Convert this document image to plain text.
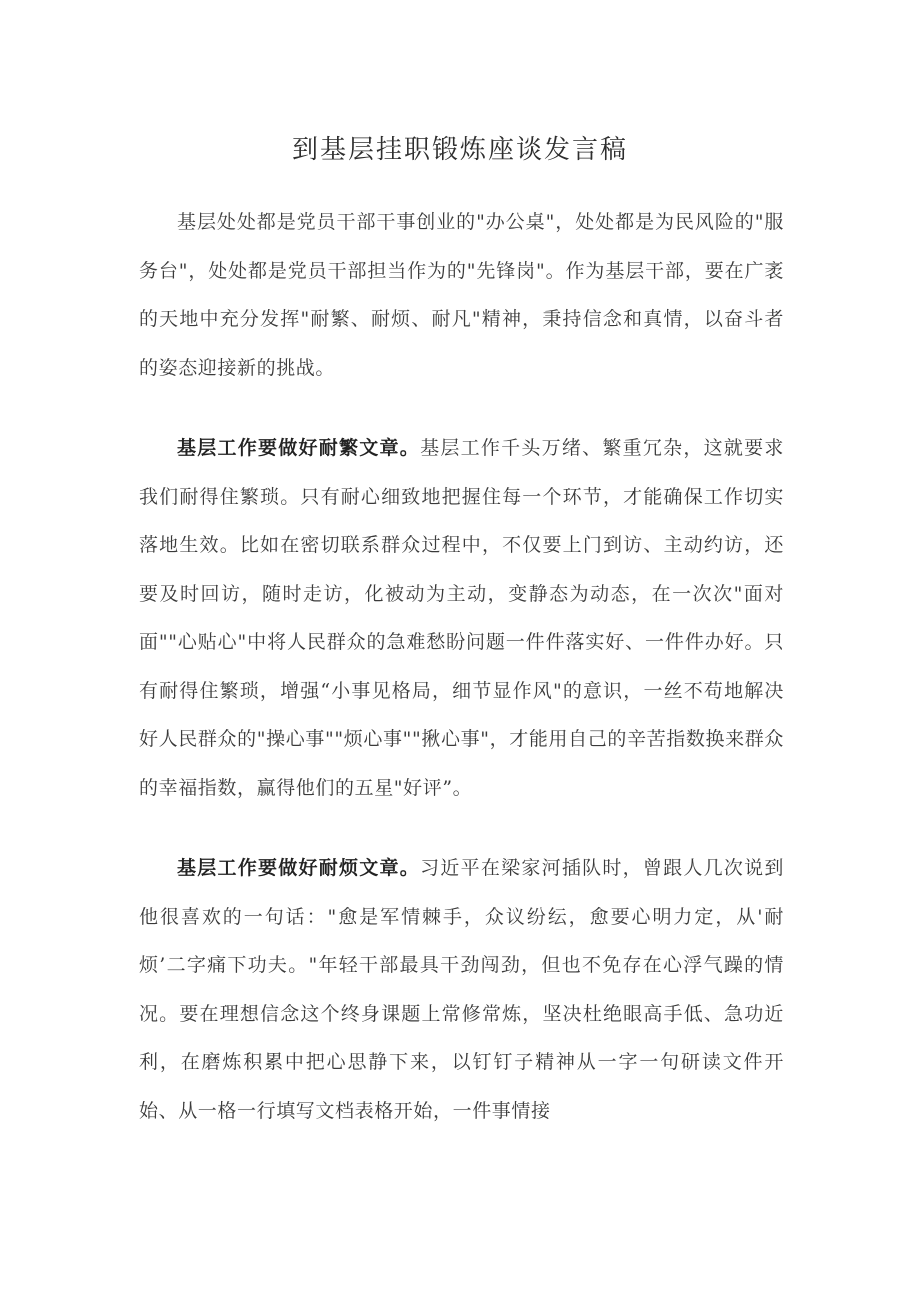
到基层挂职锻炼座谈发言稿

基层处处都是党员干部干事创业的"办公桌"，处处都是为民风险的"服务台"，处处都是党员干部担当作为的"先锋岗"。作为基层干部，要在广袤的天地中充分发挥"耐繁、耐烦、耐凡"精神，秉持信念和真情，以奋斗者的姿态迎接新的挑战。

基层工作要做好耐繁文章。基层工作千头万绪、繁重冗杂，这就要求我们耐得住繁琐。只有耐心细致地把握住每一个环节，才能确保工作切实落地生效。比如在密切联系群众过程中，不仅要上门到访、主动约访，还要及时回访，随时走访，化被动为主动，变静态为动态，在一次次"面对面""心贴心"中将人民群众的急难愁盼问题一件件落实好、一件件办好。只有耐得住繁琐，增强“小事见格局，细节显作风"的意识，一丝不苟地解决好人民群众的"操心事""烦心事""揪心事"，才能用自己的辛苦指数换来群众的幸福指数，赢得他们的五星"好评”。

基层工作要做好耐烦文章。习近平在梁家河插队时，曾跟人几次说到他很喜欢的一句话："愈是军情棘手，众议纷纭，愈要心明力定，从'耐烦’二字痛下功夫。"年轻干部最具干劲闯劲，但也不免存在心浮气躁的情况。要在理想信念这个终身课题上常修常炼，坚决杜绝眼高手低、急功近利，在磨炼积累中把心思静下来，以钉钉子精神从一字一句研读文件开始、从一格一行填写文档表格开始，一件事情接
